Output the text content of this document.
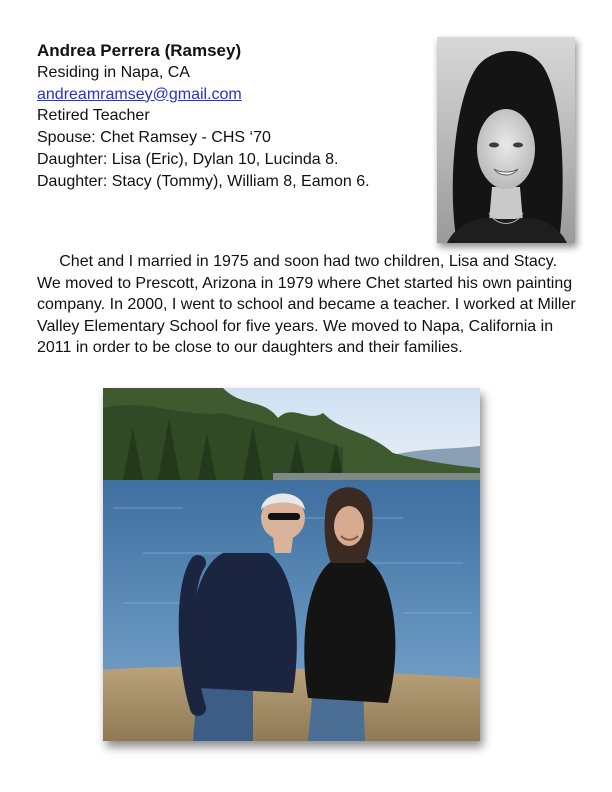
Andrea Perrera (Ramsey)
Residing in Napa, CA
andreamramsey@gmail.com
Retired Teacher
Spouse: Chet Ramsey - CHS ‘70
Daughter: Lisa (Eric), Dylan 10, Lucinda 8.
Daughter: Stacy (Tommy), William 8, Eamon 6.

Chet and I married in 1975 and soon had two children, Lisa and Stacy. We moved to Prescott, Arizona in 1979 where Chet started his own painting company. In 2000, I went to school and became a teacher. I worked at Miller Valley Elementary School for five years. We moved to Napa, California in 2011 in order to be close to our daughters and their families.
